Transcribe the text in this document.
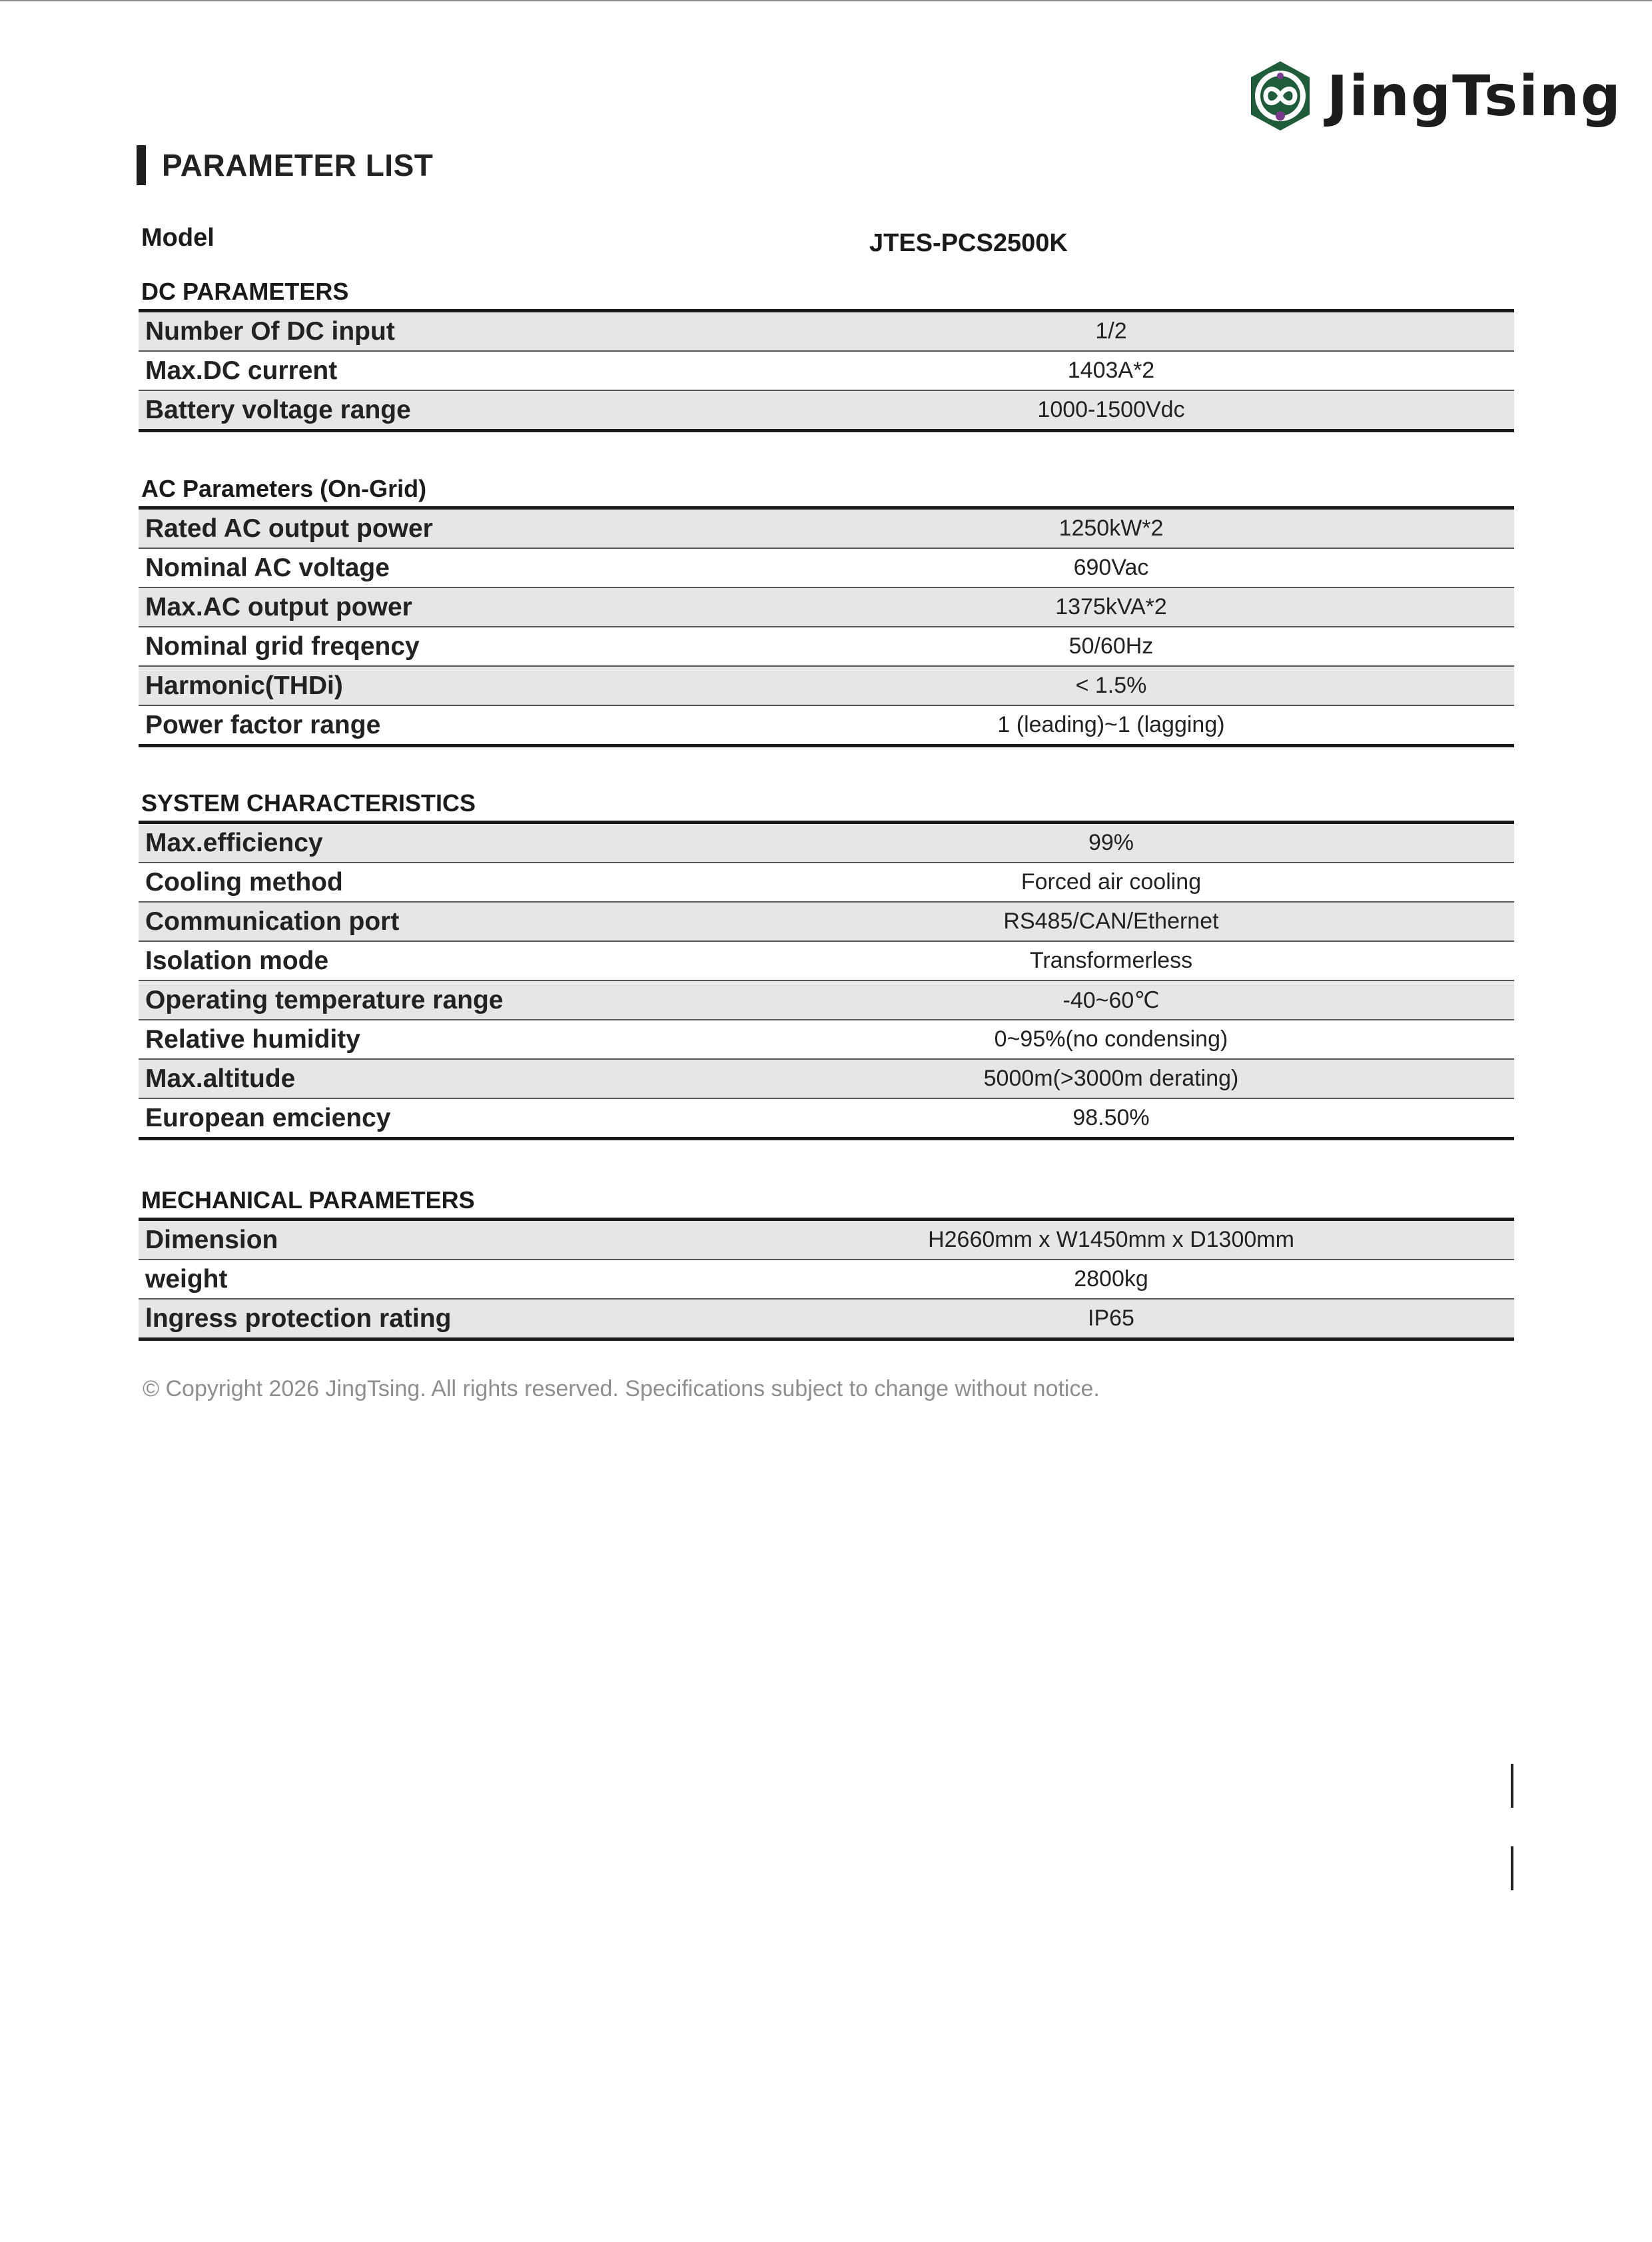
JingTsing
PARAMETER LIST
Model	JTES-PCS2500K
DC PARAMETERS
Number Of DC input	1/2
Max.DC current	1403A*2
Battery voltage range	1000-1500Vdc
AC Parameters (On-Grid)
Rated AC output power	1250kW*2
Nominal AC voltage	690Vac
Max.AC output power	1375kVA*2
Nominal grid freqency	50/60Hz
Harmonic(THDi)	< 1.5%
Power factor range	1 (leading)~1 (lagging)
SYSTEM CHARACTERISTICS
Max.efficiency	99%
Cooling method	Forced air cooling
Communication port	RS485/CAN/Ethernet
Isolation mode	Transformerless
Operating temperature range	-40~60℃
Relative humidity	0~95%(no condensing)
Max.altitude	5000m(>3000m derating)
European emciency	98.50%
MECHANICAL PARAMETERS
Dimension	H2660mm x W1450mm x D1300mm
weight	2800kg
lngress protection rating	IP65
© Copyright 2026 JingTsing. All rights reserved. Specifications subject to change without notice.
